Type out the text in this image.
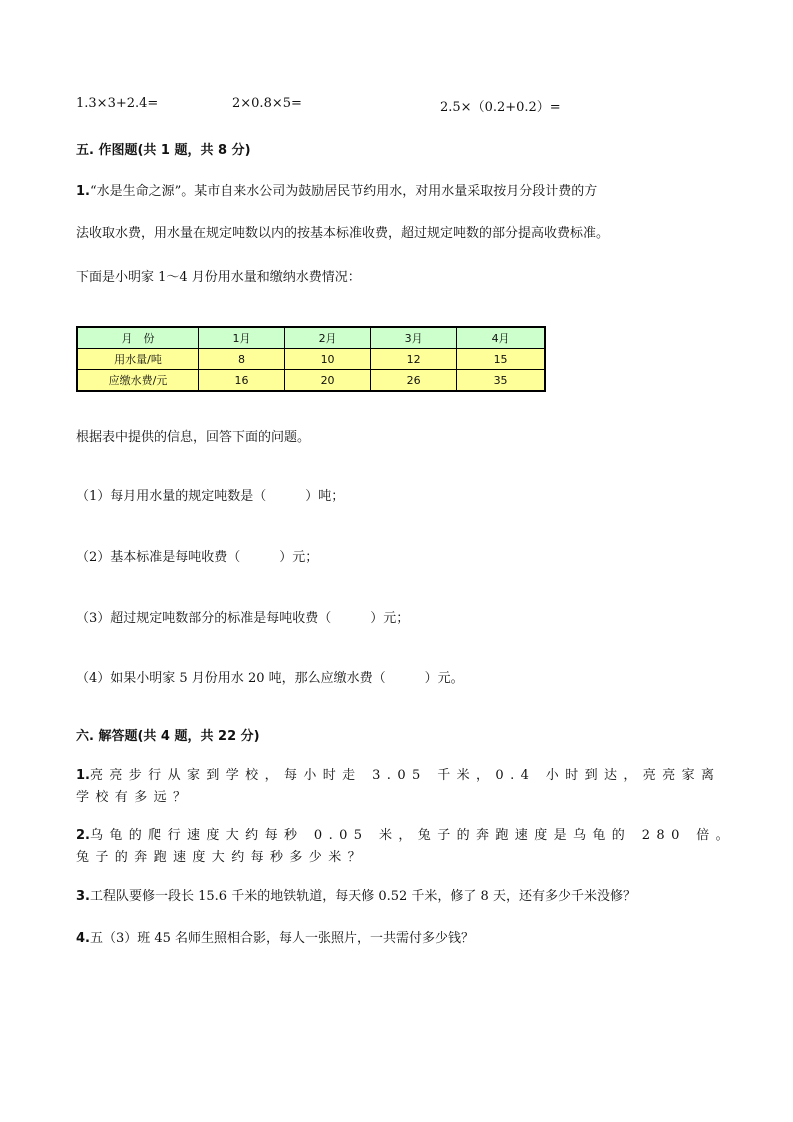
1.3×3+2.4=	2×0.8×5=	2.5×（0.2+0.2）=
五. 作图题(共 1 题，共 8 分)
1.“水是生命之源”。某市自来水公司为鼓励居民节约用水，对用水量采取按月分段计费的方
法收取水费，用水量在规定吨数以内的按基本标准收费，超过规定吨数的部分提高收费标准。
下面是小明家 1～4 月份用水量和缴纳水费情况：
月　份	1月	2月	3月	4月
用水量/吨	8	10	12	15
应缴水费/元	16	20	26	35
根据表中提供的信息，回答下面的问题。
（1）每月用水量的规定吨数是（　　　）吨；
（2）基本标准是每吨收费（　　　）元；
（3）超过规定吨数部分的标准是每吨收费（　　　）元；
（4）如果小明家 5 月份用水 20 吨，那么应缴水费（　　　）元。
六. 解答题(共 4 题，共 22 分)
1.亮亮步行从家到学校，每小时走 3.05 千米，0.4 小时到达，亮亮家离
学校有多远？
2.乌龟的爬行速度大约每秒 0.05 米，兔子的奔跑速度是乌龟的 280 倍。
兔子的奔跑速度大约每秒多少米？
3.工程队要修一段长 15.6 千米的地铁轨道，每天修 0.52 千米，修了 8 天，还有多少千米没修？
4.五（3）班 45 名师生照相合影，每人一张照片，一共需付多少钱？
